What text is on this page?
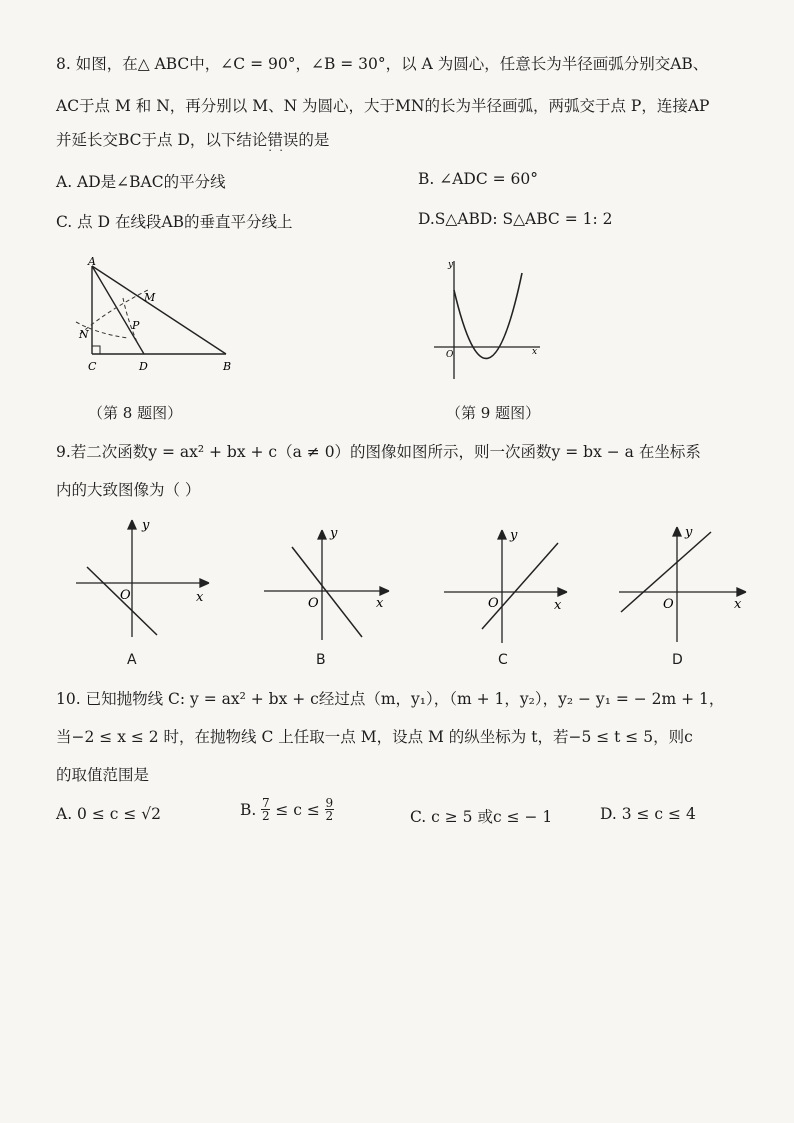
8. 如图，在△ ABC中，∠C = 90°，∠B = 30°，以 A 为圆心，任意长为半径画弧分别交AB、
AC于点 M 和 N，再分别以 M、N 为圆心，大于MN的长为半径画弧，两弧交于点 P，连接AP
并延长交BC于点 D，以下结论错误 · ·的是
A. AD是∠BAC的平分线	B. ∠ADC = 60°
C. 点 D 在线段AB的垂直平分线上	D.S△ABD: S△ABC = 1: 2
A
M
P
N
C	D	B
（第 8 题图）
y
O	x
（第 9 题图）
9.若二次函数y = ax² + bx + c（a ≠ 0）的图像如图所示，则一次函数y = bx − a 在坐标系
内的大致图像为（ ）
y
O	x
A
y
O	x
B
y
O	x
C
y
O	x
D
10. 已知抛物线 C: y = ax² + bx + c经过点（m，y₁），（m + 1，y₂），y₂ − y₁ = − 2m + 1，
当−2 ≤ x ≤ 2 时，在抛物线 C 上任取一点 M，设点 M 的纵坐标为 t，若−5 ≤ t ≤ 5，则c
的取值范围是
A. 0 ≤ c ≤ √2	B. 7
2 ≤ c ≤ 9
2	C. c ≥ 5 或c ≤ − 1	D. 3 ≤ c ≤ 4
